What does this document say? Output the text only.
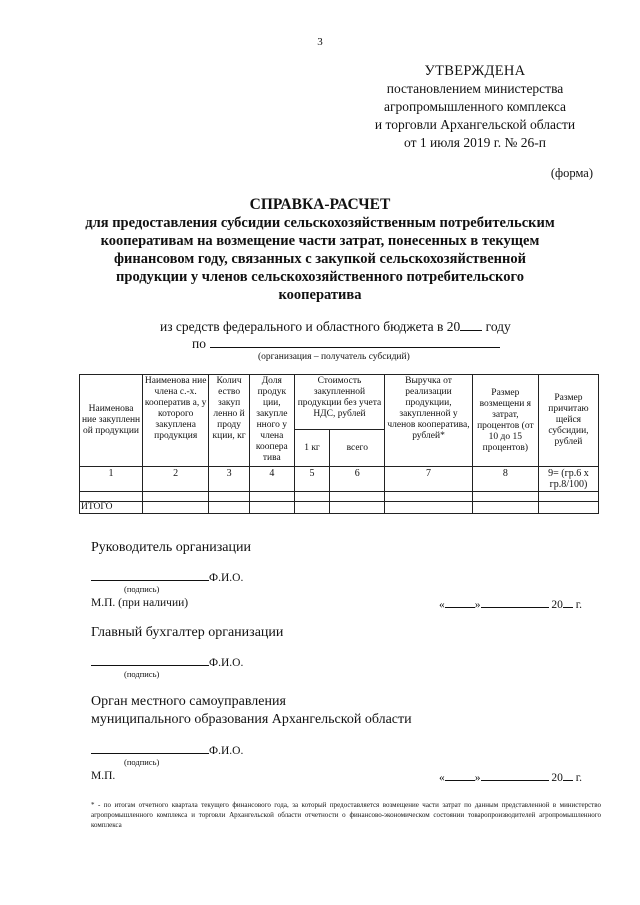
3
УТВЕРЖДЕНА
постановлением министерства
агропромышленного комплекса
и торговли Архангельской области
от 1 июля 2019 г. № 26-п
(форма)
СПРАВКА-РАСЧЕТ
для предоставления субсидии сельскохозяйственным потребительским
кооперативам на возмещение части затрат, понесенных в текущем
финансовом году, связанных с закупкой сельскохозяйственной
продукции у членов сельскохозяйственного потребительского
кооператива
из средств федерального и областного бюджета в 20 году
по
(организация – получатель субсидий)
Наименова ние закупленн ой продукции	Наименова ние члена с.-х. кооператив а, у которого закуплена продукция	Колич ество закуп ленно й проду кции, кг	Доля продук ции, закупле нного у члена коопера тива	Стоимость закупленной продукции без учета НДС, рублей		Выручка от реализации продукции, закупленной у членов кооператива, рублей*	Размер возмещени я затрат, процентов (от 10 до 15 процентов)	Размер причитаю щейся субсидии, рублей
				1 кг	всего			
1	2	3	4	5	6	7	8	9= (гр.6 х гр.8/100)

ИТОГО								
Руководитель организации
Ф.И.О.
(подпись)
М.П. (при наличии)	«	»	20 г.
Главный бухгалтер организации
Ф.И.О.
(подпись)
Орган местного самоуправления
муниципального образования Архангельской области
Ф.И.О.
(подпись)
М.П.	«	»	20 г.
* - по итогам отчетного квартала текущего финансового года, за который предоставляется возмещение части затрат по данным представленной в министерство агропромышленного комплекса и торговли Архангельской области отчетности о финансово-экономическом состоянии товаропроизводителей агропромышленного комплекса
